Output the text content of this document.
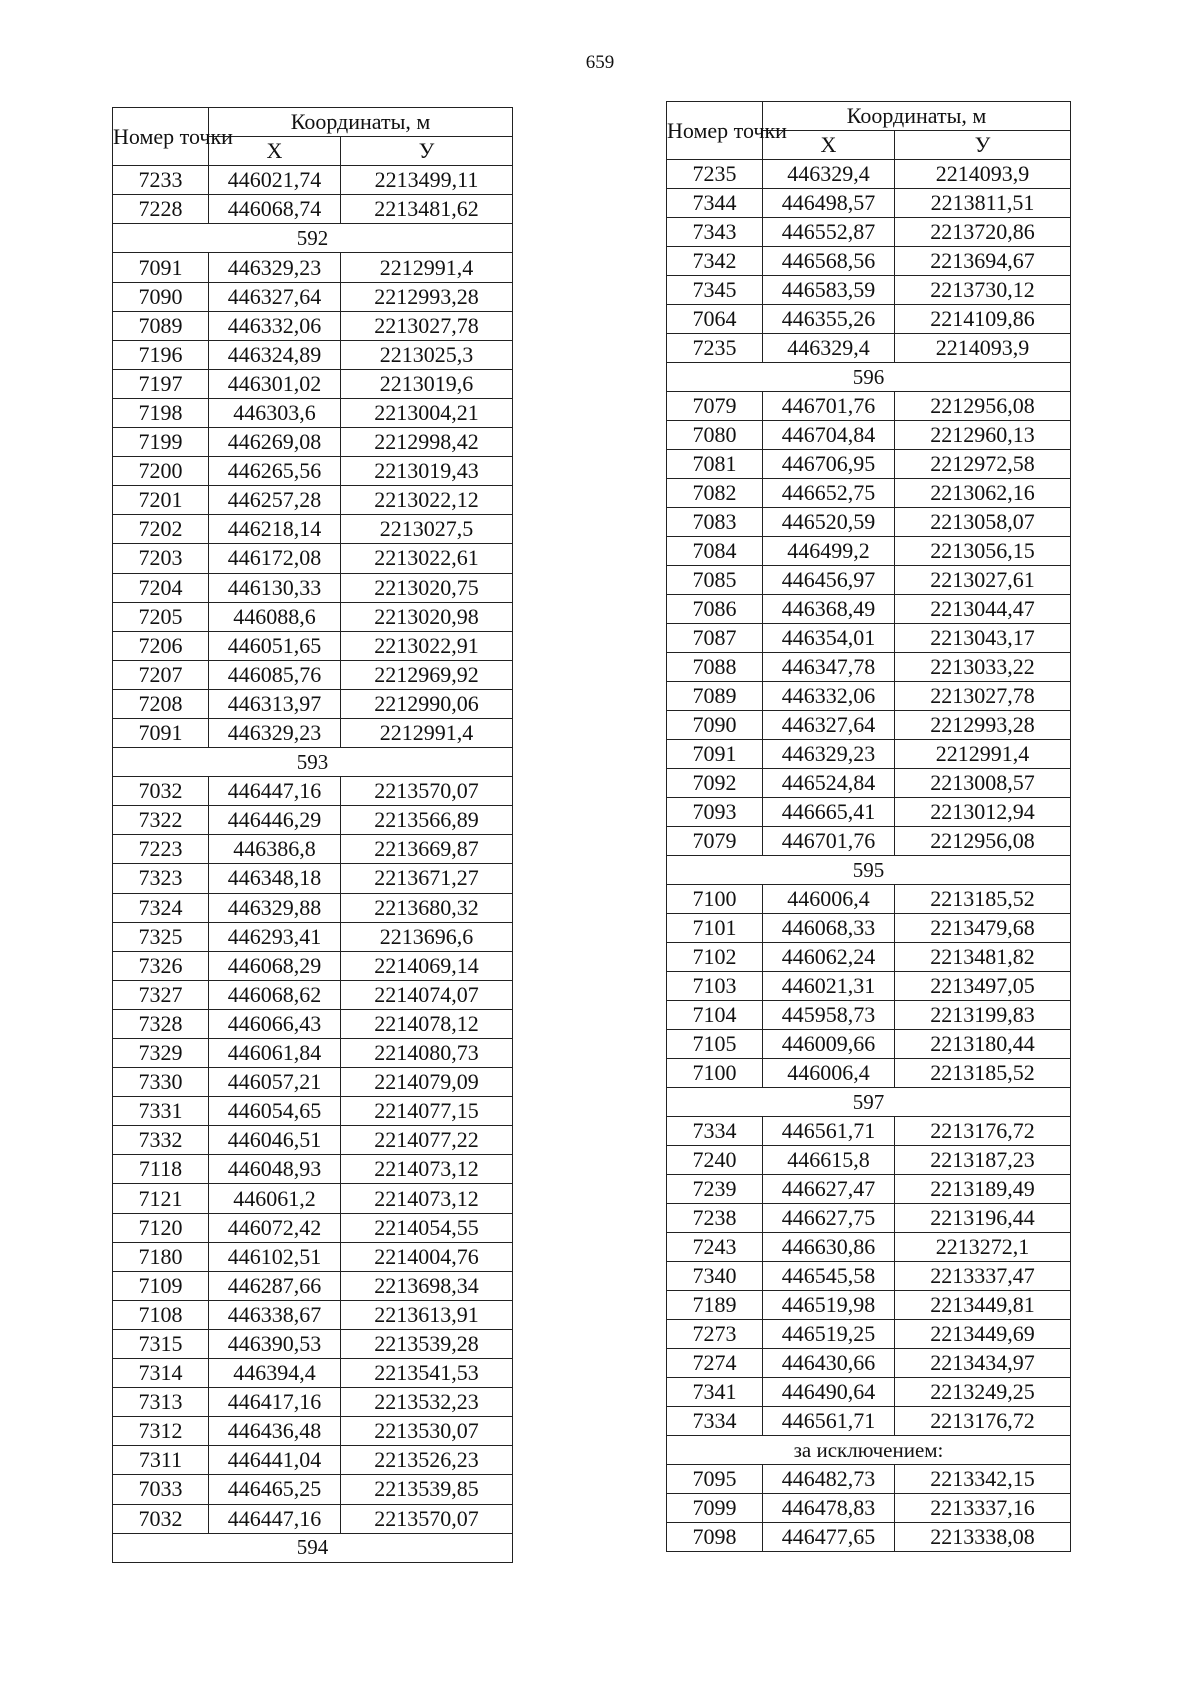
659
Номер точки	Координаты, м	
	X	У
7233	446021,74	2213499,11
7228	446068,74	2213481,62
592		
7091	446329,23	2212991,4
7090	446327,64	2212993,28
7089	446332,06	2213027,78
7196	446324,89	2213025,3
7197	446301,02	2213019,6
7198	446303,6	2213004,21
7199	446269,08	2212998,42
7200	446265,56	2213019,43
7201	446257,28	2213022,12
7202	446218,14	2213027,5
7203	446172,08	2213022,61
7204	446130,33	2213020,75
7205	446088,6	2213020,98
7206	446051,65	2213022,91
7207	446085,76	2212969,92
7208	446313,97	2212990,06
7091	446329,23	2212991,4
593		
7032	446447,16	2213570,07
7322	446446,29	2213566,89
7223	446386,8	2213669,87
7323	446348,18	2213671,27
7324	446329,88	2213680,32
7325	446293,41	2213696,6
7326	446068,29	2214069,14
7327	446068,62	2214074,07
7328	446066,43	2214078,12
7329	446061,84	2214080,73
7330	446057,21	2214079,09
7331	446054,65	2214077,15
7332	446046,51	2214077,22
7118	446048,93	2214073,12
7121	446061,2	2214073,12
7120	446072,42	2214054,55
7180	446102,51	2214004,76
7109	446287,66	2213698,34
7108	446338,67	2213613,91
7315	446390,53	2213539,28
7314	446394,4	2213541,53
7313	446417,16	2213532,23
7312	446436,48	2213530,07
7311	446441,04	2213526,23
7033	446465,25	2213539,85
7032	446447,16	2213570,07
594		
Номер точки	Координаты, м	
	X	У
7235	446329,4	2214093,9
7344	446498,57	2213811,51
7343	446552,87	2213720,86
7342	446568,56	2213694,67
7345	446583,59	2213730,12
7064	446355,26	2214109,86
7235	446329,4	2214093,9
596		
7079	446701,76	2212956,08
7080	446704,84	2212960,13
7081	446706,95	2212972,58
7082	446652,75	2213062,16
7083	446520,59	2213058,07
7084	446499,2	2213056,15
7085	446456,97	2213027,61
7086	446368,49	2213044,47
7087	446354,01	2213043,17
7088	446347,78	2213033,22
7089	446332,06	2213027,78
7090	446327,64	2212993,28
7091	446329,23	2212991,4
7092	446524,84	2213008,57
7093	446665,41	2213012,94
7079	446701,76	2212956,08
595		
7100	446006,4	2213185,52
7101	446068,33	2213479,68
7102	446062,24	2213481,82
7103	446021,31	2213497,05
7104	445958,73	2213199,83
7105	446009,66	2213180,44
7100	446006,4	2213185,52
597		
7334	446561,71	2213176,72
7240	446615,8	2213187,23
7239	446627,47	2213189,49
7238	446627,75	2213196,44
7243	446630,86	2213272,1
7340	446545,58	2213337,47
7189	446519,98	2213449,81
7273	446519,25	2213449,69
7274	446430,66	2213434,97
7341	446490,64	2213249,25
7334	446561,71	2213176,72
за исключением:		
7095	446482,73	2213342,15
7099	446478,83	2213337,16
7098	446477,65	2213338,08
